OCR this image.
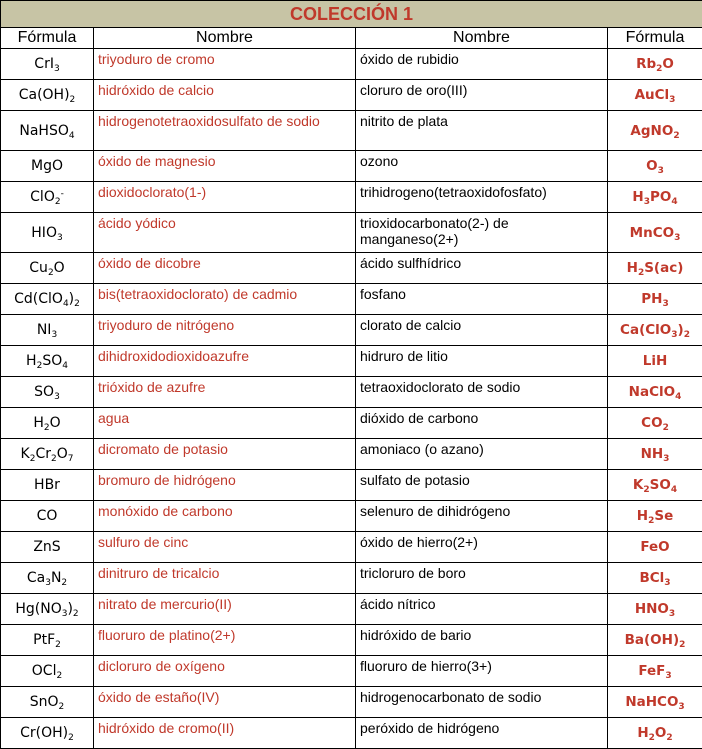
COLECCIÓN 1			
Fórmula	Nombre	Nombre	Fórmula
CrI$_3$	triyoduro de cromo	óxido de rubidio	$Rb_2O$
$Ca(OH)_2$	hidróxido de calcio	cloruro de oro(III)	AuCl$_3$
NaHSO$_4$	hidrogenotetraoxidosulfato de sodio	nitrito de plata	AgNO$_2$
MgO	óxido de magnesio	ozono	$O_3$
ClO$_2$-	dioxidoclorato(1-)	trihidrogeno(tetraoxidofosfato)	$H_3PO_4$
$HIO_3$	ácido yódico	trioxidocarbonato(2-) de manganeso(2+)	MnCO$_3$
$Cu_2O$	óxido de dicobre	ácido sulfhídrico	$H_2S(ac)$
$Cd(ClO_4)_2$	bis(tetraoxidoclorato) de cadmio	fosfano	$PH_3$
$NI_3$	triyoduro de nitrógeno	clorato de calcio	$Ca(ClO_3)_2$
$H_2SO_4$	dihidroxidodioxidoazufre	hidruro de litio	LiH
$SO_3$	trióxido de azufre	tetraoxidoclorato de sodio	NaClO$_4$
$H_2O$	agua	dióxido de carbono	$CO_2$
$K_2Cr_2O_7$	dicromato de potasio	amoniaco (o azano)	$NH_3$
HBr	bromuro de hidrógeno	sulfato de potasio	$K_2SO_4$
CO	monóxido de carbono	selenuro de dihidrógeno	$H_2Se$
ZnS	sulfuro de cinc	óxido de hierro(2+)	FeO
$Ca_3N_2$	dinitruro de tricalcio	tricloruro de boro	BCl$_3$
$Hg(NO_3)_2$	nitrato de mercurio(II)	ácido nítrico	$HNO_3$
PtF$_2$	fluoruro de platino(2+)	hidróxido de bario	$Ba(OH)_2$
OCl$_2$	dicloruro de oxígeno	fluoruro de hierro(3+)	FeF$_3$
SnO$_2$	óxido de estaño(IV)	hidrogenocarbonato de sodio	NaHCO$_3$
$Cr(OH)_2$	hidróxido de cromo(II)	peróxido de hidrógeno	$H_2O_2$
